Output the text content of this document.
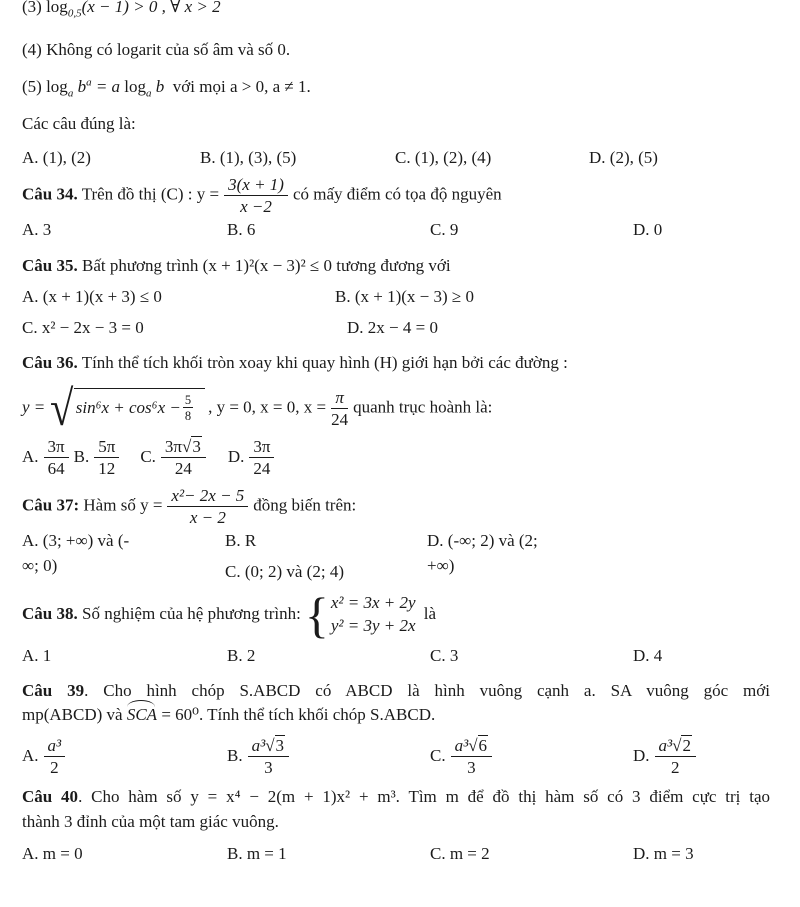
(3) $\log_{0,5}(x - 1) > 0$ , ∀ x > 2
(4) Không có logarit của số âm và số 0.
(5) $\log_a b^a = a$ $\log_a b$ với mọi a > 0, a ≠ 1.
Các câu đúng là:
A. (1), (2)	B. (1), (3), (5)	C. (1), (2), (4)	D. (2), (5)
Câu 34. Trên đồ thị (C) : $y = \frac{3(x + 1)}{x -2}$ có mấy điểm có tọa độ nguyên
A. 3	B. 6	C. 9	D. 0
Câu 35. Bất phương trình (x + 1)²(x − 3)² ≤ 0 tương đương với
A. (x + 1)(x + 3) ≤ 0	B. (x + 1)(x − 3) ≥ 0
C. x² − 2x − 3 = 0	D. 2x − 4 = 0
Câu 36. Tính thể tích khối tròn xoay khi quay hình (H) giới hạn bởi các đường :
y = √ $\sin^6x + \cos^6x - \frac{5}{8}$ , y = 0, x = 0, $x = \frac{\pi}{24}$ quanh trục hoành là:
A. $\frac{3\pi}{64} B$. $\frac{5\pi}{12} C$. $\frac{3\pi√3}{24} D$. $\frac{3\pi}{24}$
Câu 37: Hàm số $y = \frac{\text{x²− 2x − 5}}{x - 2}$ đồng biến trên:
A. (3; +∞) và (-
∞; 0)
B. R
C. (0; 2) và (2; 4)
D. (-∞; 2) và (2;
+∞)
Câu 38. Số nghiệm của hệ phương trình: { x² = 3x + 2y
y² = 3y + 2x
là
A. 1	B. 2	C. 3	D. 4
Câu 39. Cho hình chóp S.ABCD có ABCD là hình vuông cạnh a. SA vuông góc mới
mp(ABCD) và SCA = 60⁰. Tính thể tích khối chóp S.ABCD.
A. $\frac{\text{a³}}{2}$	B. $\frac{\text{a³√3}}{3}$	C. $\frac{\text{a³√6}}{3}$	D. $\frac{\text{a³√2}}{2}$
Câu 40. Cho hàm số y = x⁴ − 2(m + 1)x² + m³. Tìm m để đồ thị hàm số có 3 điểm cực trị tạo
thành 3 đỉnh của một tam giác vuông.
A. m = 0	B. m = 1	C. m = 2	D. m = 3
